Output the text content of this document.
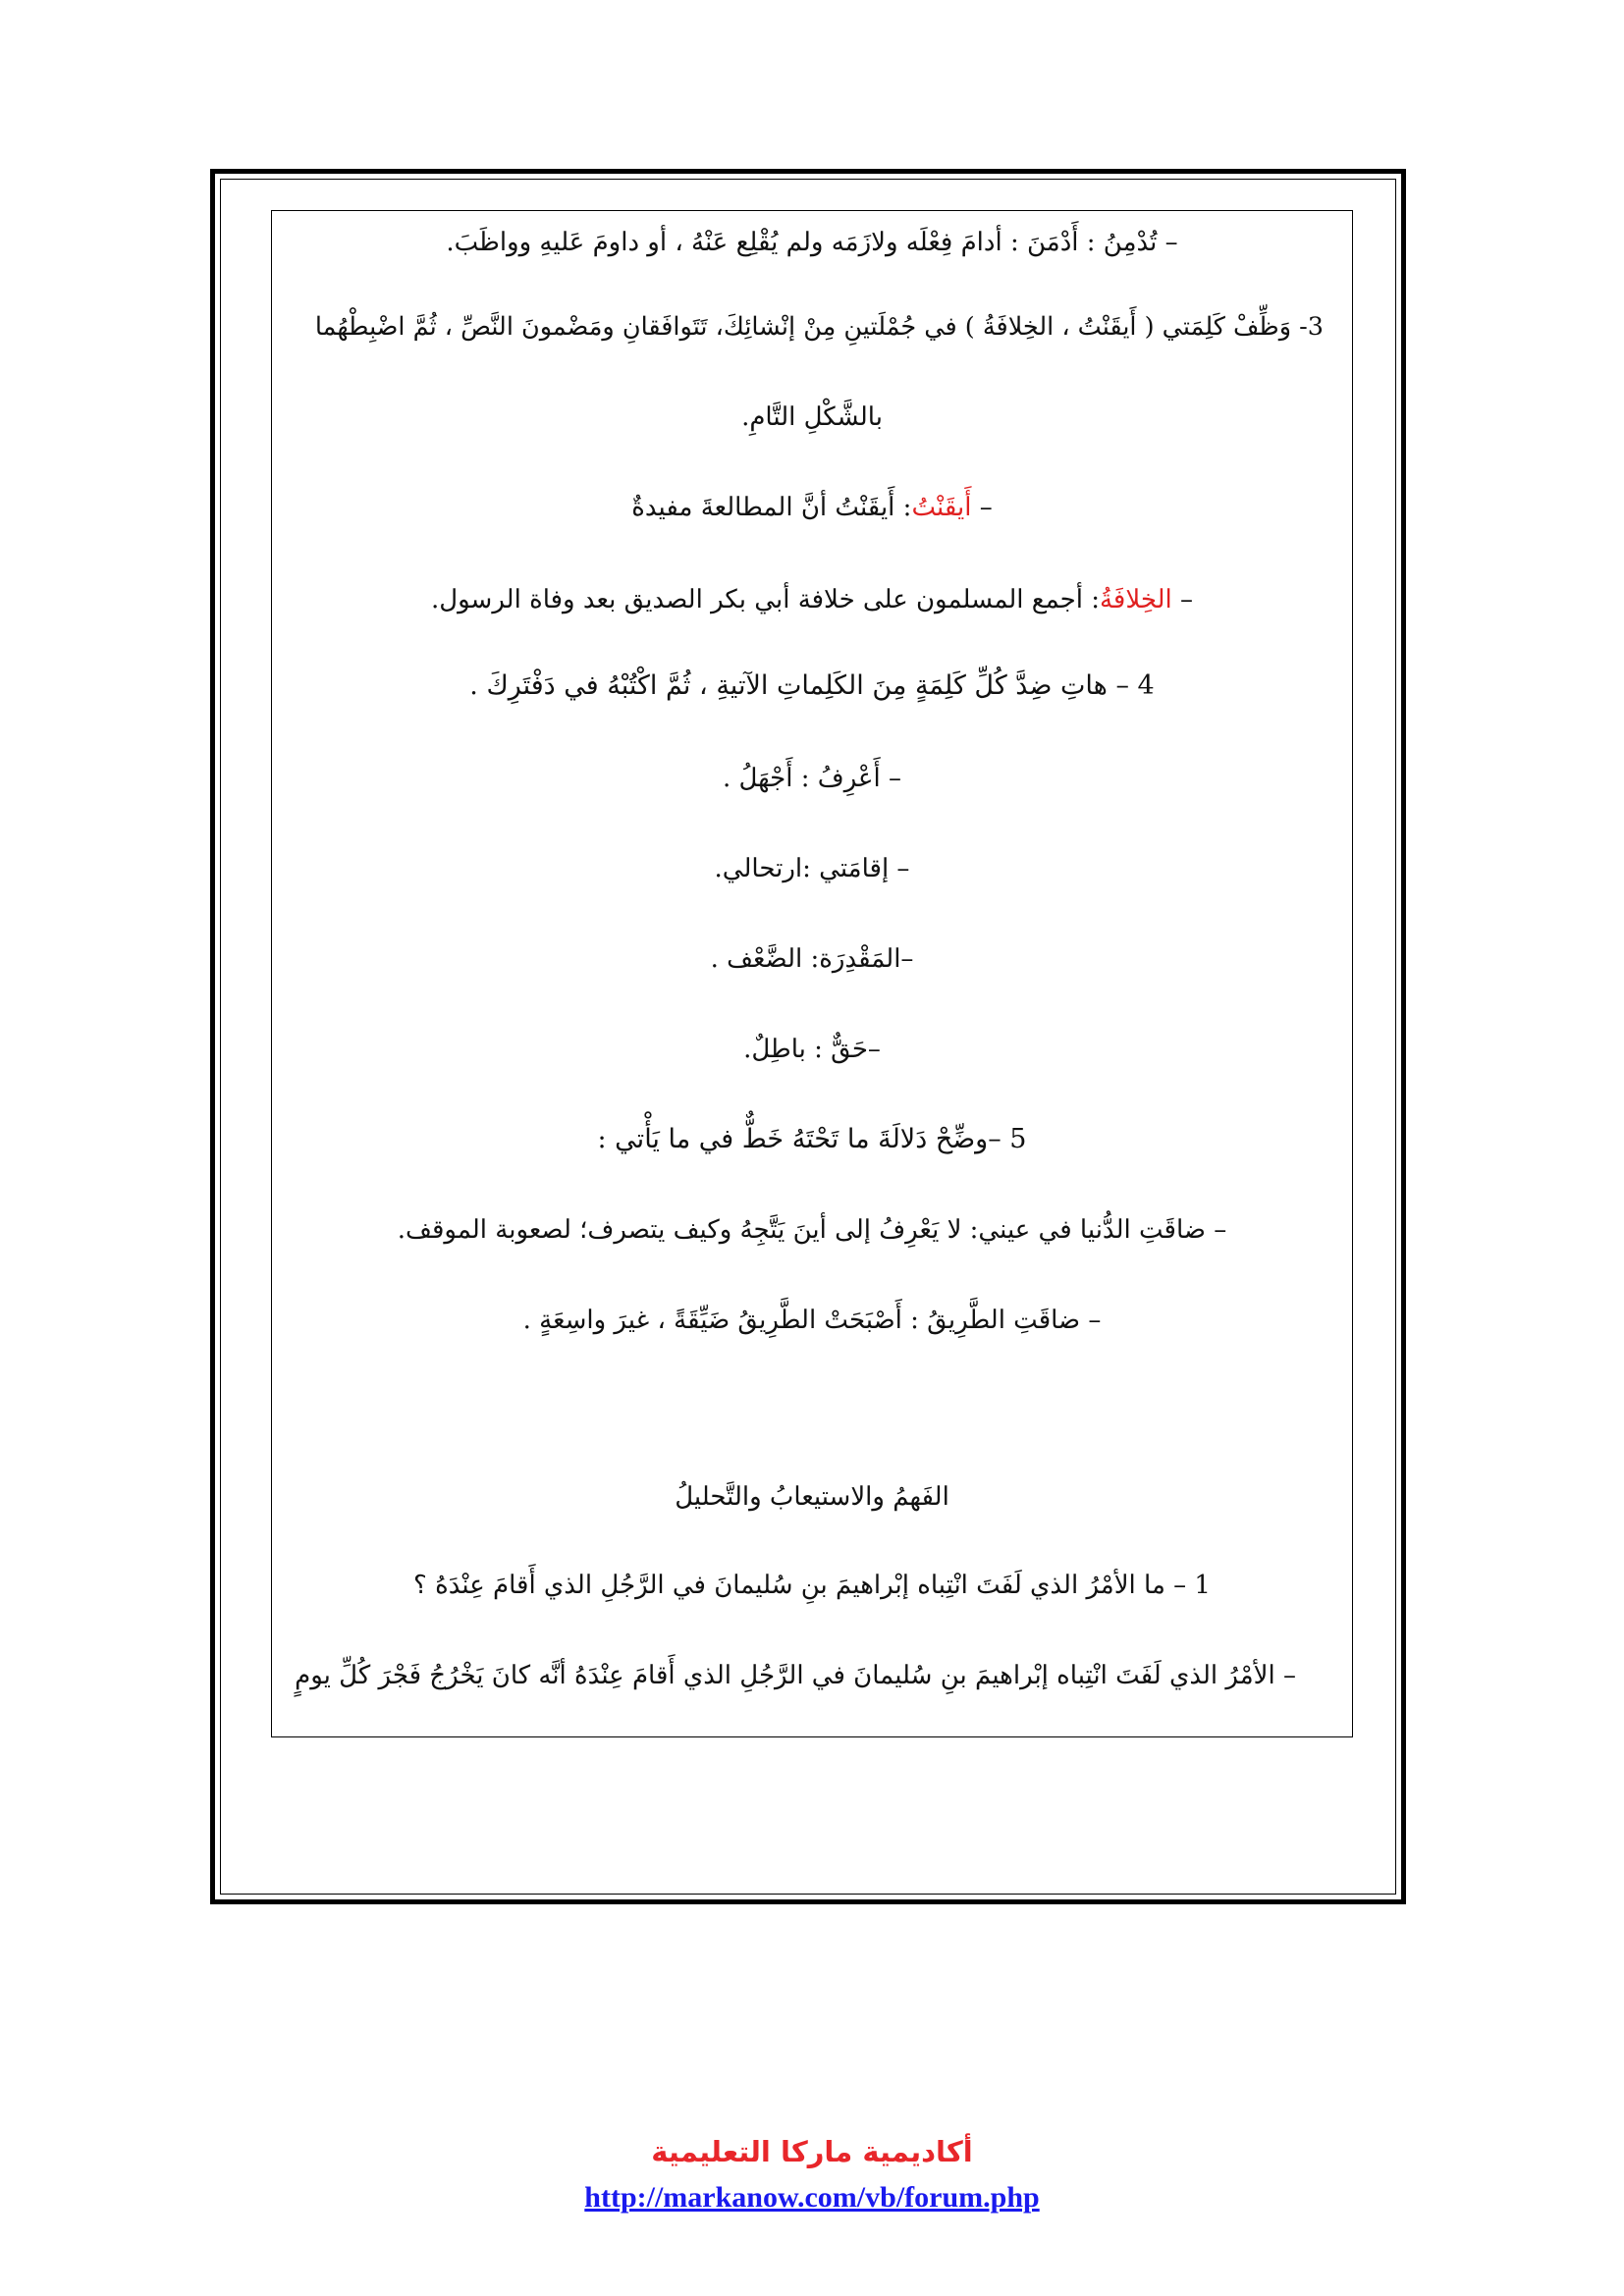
– تُدْمِنُ : أَدْمَنَ : أدامَ فِعْلَه ولازَمَه ولم يُقْلِع عَنْهُ ، أو داومَ عَليهِ وواظَبَ.
3- وَظِّفْ كَلِمَتي ( أَيقَنْتُ ، الخِلافَةُ ) في جُمْلَتينِ مِنْ إنْشائِكَ، تَتَوافَقانِ ومَضْمونَ النَّصِّ ، ثُمَّ اضْبِطْهُما
بالشَّكْلِ التَّامِ.
– أَيقَنْتُ: أَيقَنْتُ أنَّ المطالعةَ مفيدةٌ
– الخِلافَةُ: أجمع المسلمون على خلافة أبي بكر الصديق بعد وفاة الرسول.
4 – هاتِ ضِدَّ كُلِّ كَلِمَةٍ مِنَ الكَلِماتِ الآتيةِ ، ثُمَّ اكْتُبْهُ في دَفْتَرِكَ .
– أَعْرِفُ : أَجْهَلُ .
– إقامَتي :ارتحالي.
–المَقْدِرَة: الضَّعْف .
–حَقٌّ : باطِلٌ.
5 –وضِّحْ دَلالَةَ ما تَحْتَهُ خَطٌّ في ما يَأْتي :
– ضاقَتِ الدُّنيا في عيني: لا يَعْرِفُ إلى أينَ يَتَّجِهُ وكيف يتصرف؛ لصعوبة الموقف.
– ضاقَتِ الطَّرِيقُ : أَصْبَحَتْ الطَّرِيقُ ضَيِّقَةً ، غيرَ واسِعَةٍ .
الفَهمُ والاستيعابُ والتَّحليلُ
1 – ما الأمْرُ الذي لَفَتَ انْتِباه إبْراهيمَ بنِ سُليمانَ في الرَّجُلِ الذي أَقامَ عِنْدَهُ ؟
– الأمْرُ الذي لَفَتَ انْتِباه إبْراهيمَ بنِ سُليمانَ في الرَّجُلِ الذي أَقامَ عِنْدَهُ أنَّه كانَ يَخْرُجُ فَجْرَ كُلِّ يومٍ
أكاديمية ماركا التعليمية
http://markanow.com/vb/forum.php
